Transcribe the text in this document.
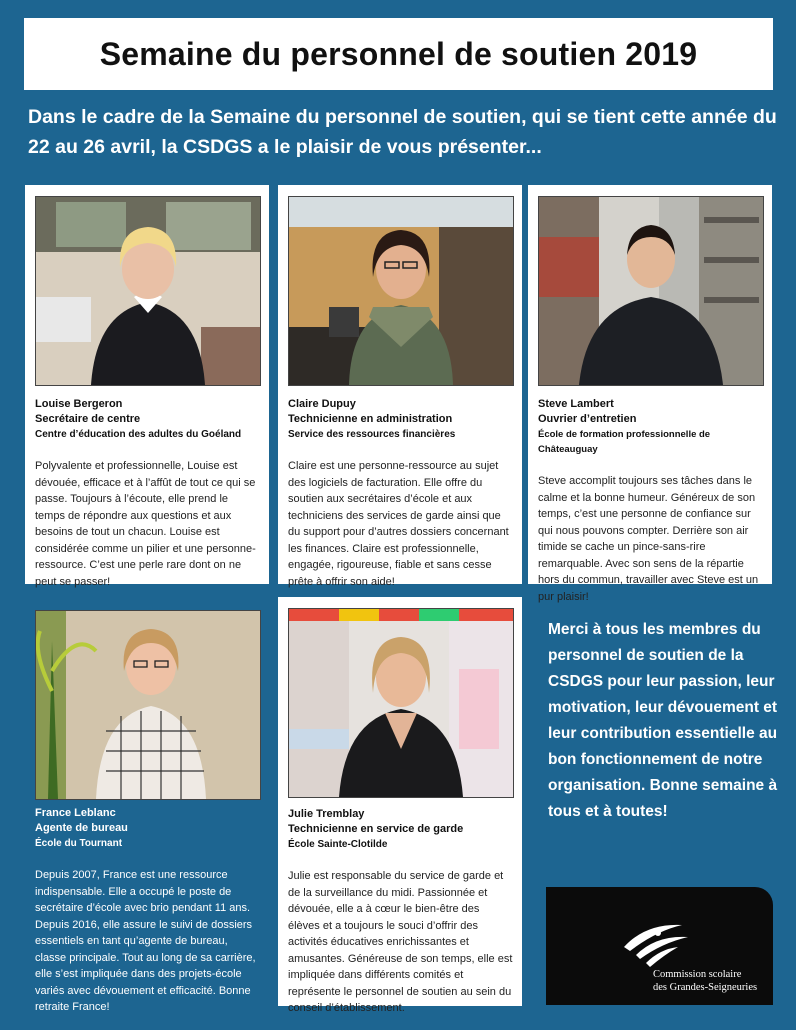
Semaine du personnel de soutien 2019
Dans le cadre de la Semaine du personnel de soutien, qui se tient cette année du 22 au 26 avril, la CSDGS a le plaisir de vous présenter...
Louise Bergeron
Secrétaire de centre
Centre d’éducation des adultes du Goéland
Polyvalente et professionnelle, Louise est dévouée, efficace et à l’affût de tout ce qui se passe. Toujours à l’écoute, elle prend le temps de répondre aux questions et aux besoins de tout un chacun. Louise est considérée comme un pilier et une personne-ressource. C’est une perle rare dont on ne peut se passer!
Claire Dupuy
Technicienne en administration
Service des ressources financières
Claire est une personne-ressource au sujet des logiciels de facturation. Elle offre du soutien aux secrétaires d’école et aux techniciens des services de garde ainsi que du support pour d’autres dossiers concernant les finances. Claire est professionnelle, engagée, rigoureuse, fiable et sans cesse prête à offrir son aide!
Steve Lambert
Ouvrier d’entretien
École de formation professionnelle de Châteauguay
Steve accomplit toujours ses tâches dans le calme et la bonne humeur. Généreux de son temps, c’est une personne de confiance sur qui nous pouvons compter. Derrière son air timide se cache un pince-sans-rire remarquable. Avec son sens de la répartie hors du commun, travailler avec Steve est un pur plaisir!
France Leblanc
Agente de bureau
École du Tournant
Depuis 2007, France est une ressource indispensable. Elle a occupé le poste de secrétaire d’école avec brio pendant 11 ans. Depuis 2016, elle assure le suivi de dossiers essentiels en tant qu’agente de bureau, classe principale. Tout au long de sa carrière, elle s’est impliquée dans des projets-école variés avec dévouement et efficacité. Bonne retraite France!
Julie Tremblay
Technicienne en service de garde
École Sainte-Clotilde
Julie est responsable du service de garde et de la surveillance du midi. Passionnée et dévouée, elle a à cœur le bien-être des élèves et a toujours le souci d’offrir des activités éducatives enrichissantes et amusantes. Généreuse de son temps, elle est impliquée dans différents comités et représente le personnel de soutien au sein du conseil d’établissement.
Merci à tous les membres du personnel de soutien de la CSDGS pour leur passion, leur motivation, leur dévouement et leur contribution essentielle au bon fonctionnement de notre organisation. Bonne semaine à tous et à toutes!
Commission scolaire
des Grandes-Seigneuries
